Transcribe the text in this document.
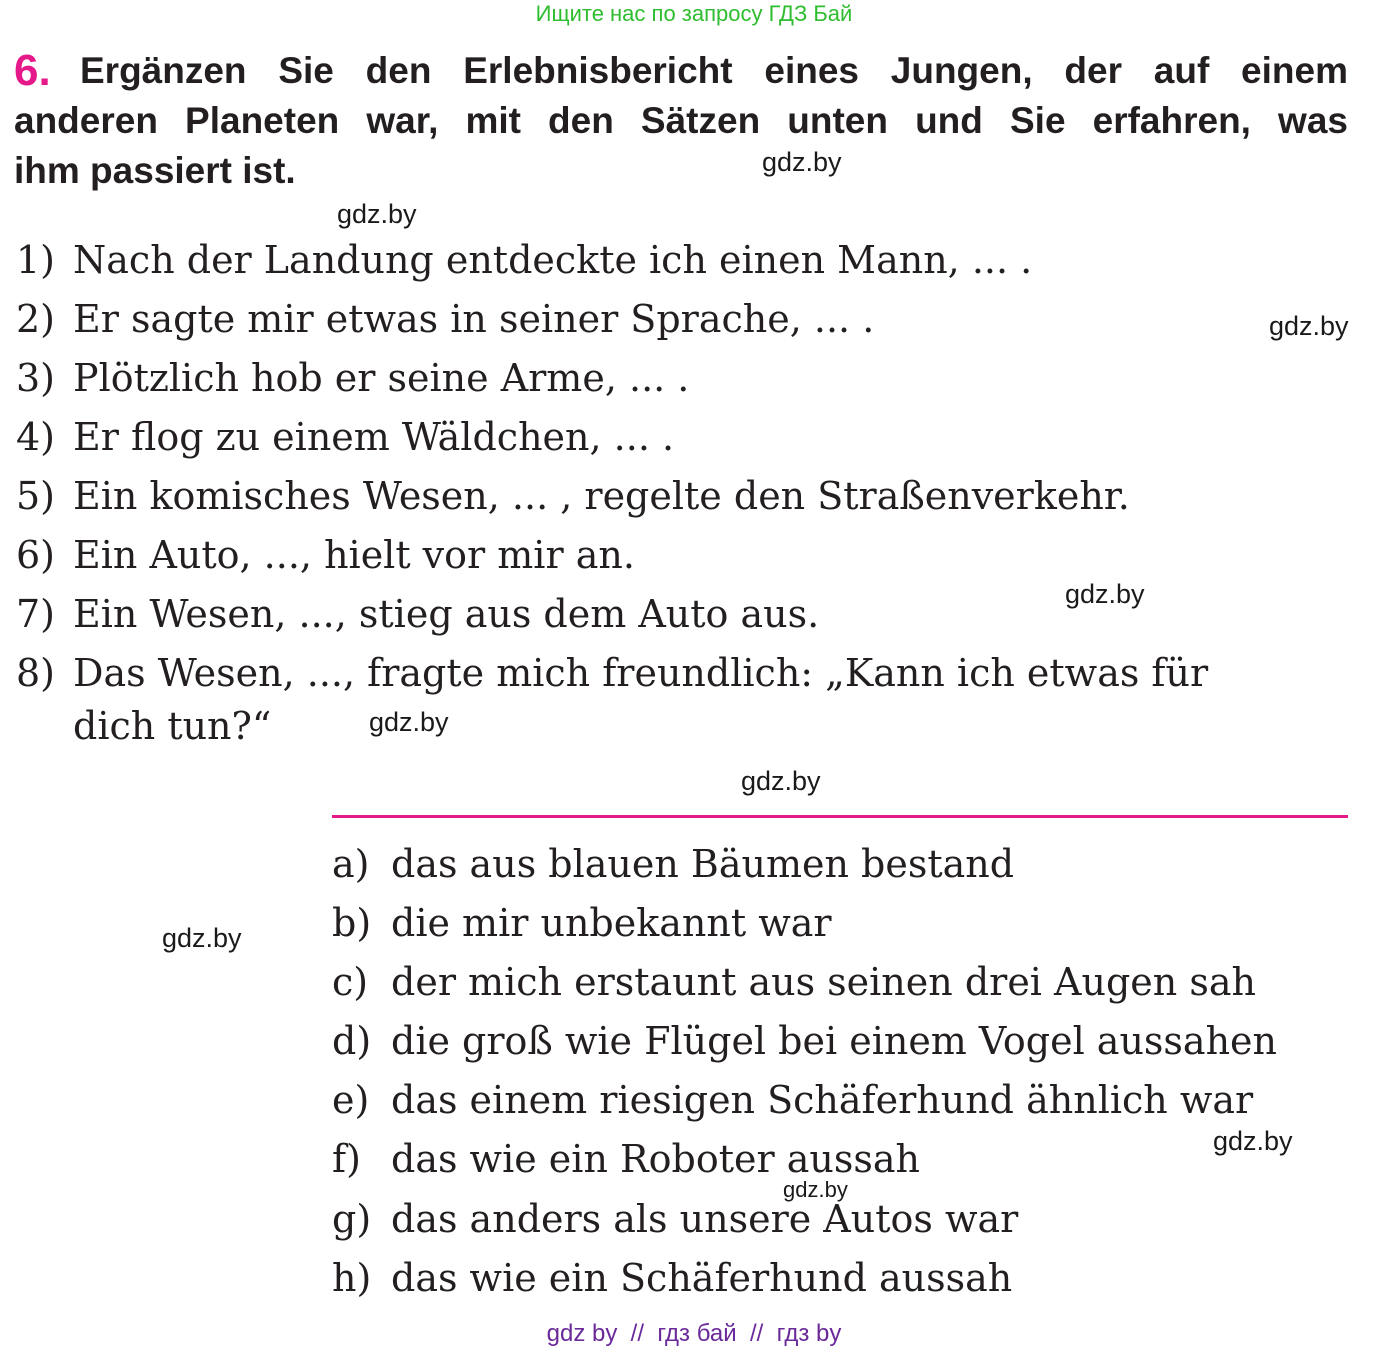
Ищите нас по запросу ГДЗ Бай
6. Ergänzen Sie den Erlebnisbericht eines Jungen, der auf einem
anderen Planeten war, mit den Sätzen unten und Sie erfahren, was
ihm passiert ist.	gdz.by
gdz.by
gdz.by
gdz.by
gdz.by
gdz.by
gdz.by
gdz.by
gdz.by
1) Nach der Landung entdeckte ich einen Mann, ... .
2) Er sagte mir etwas in seiner Sprache, ... .
3) Plötzlich hob er seine Arme, ... .
4) Er flog zu einem Wäldchen, ... .
5) Ein komisches Wesen, ... , regelte den Straßenverkehr.
6) Ein Auto, ..., hielt vor mir an.
7) Ein Wesen, ..., stieg aus dem Auto aus.
8) Das Wesen, ..., fragte mich freundlich: „Kann ich etwas für
dich tun?“
a) das aus blauen Bäumen bestand
b) die mir unbekannt war
c) der mich erstaunt aus seinen drei Augen sah
d) die groß wie Flügel bei einem Vogel aussahen
e) das einem riesigen Schäferhund ähnlich war
f) das wie ein Roboter aussah
g) das anders als unsere Autos war
h) das wie ein Schäferhund aussah
gdz by  //  гдз бай  //  гдз by
